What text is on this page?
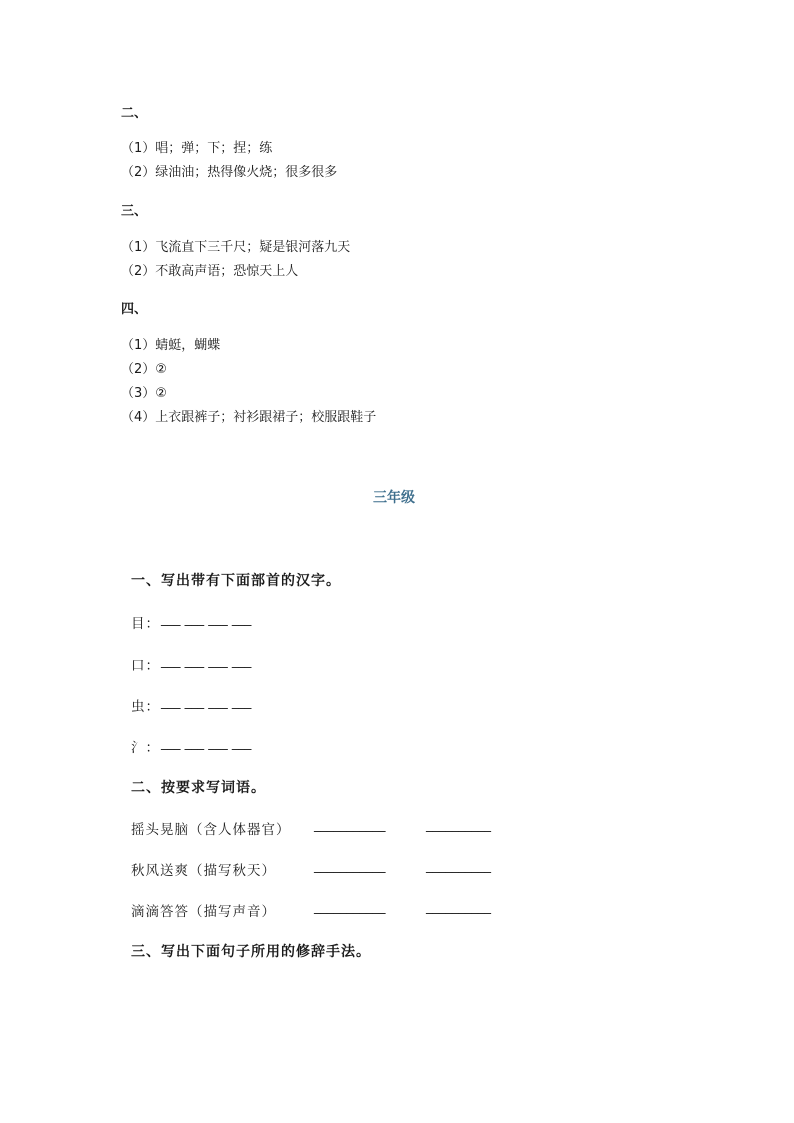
二、
（1）唱；弹；下；捏；练
（2）绿油油；热得像火烧；很多很多
三、
（1）飞流直下三千尺；疑是银河落九天
（2）不敢高声语；恐惊天上人
四、
（1）蜻蜓，蝴蝶
（2）②
（3）②
（4）上衣跟裤子；衬衫跟裙子；校服跟鞋子
三年级
一、写出带有下面部首的汉字。
目： ___ ___ ___ ___
口： ___ ___ ___ ___
虫： ___ ___ ___ ___
氵： ___ ___ ___ ___
二、按要求写词语。
摇头晃脑（含人体器官） ___________	__________
秋风送爽（描写秋天）	___________	__________
滴滴答答（描写声音）	___________	__________
三、写出下面句子所用的修辞手法。
